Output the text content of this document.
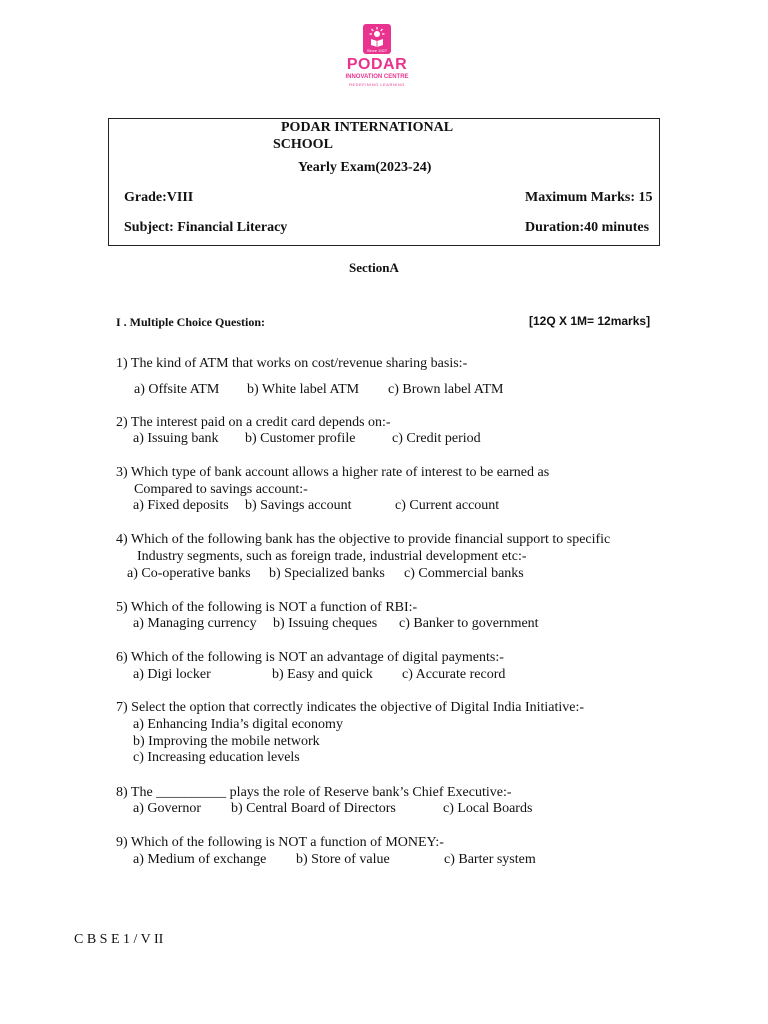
Since 1927
PODAR
INNOVATION CENTRE
REDEFINING LEARNING
PODAR INTERNATIONAL
SCHOOL
Yearly Exam(2023-24)
Grade:VIII	Maximum Marks: 15
Subject: Financial Literacy	Duration:40 minutes
SectionA
I . Multiple Choice Question:	[12Q X 1M= 12marks]
1) The kind of ATM that works on cost/revenue sharing basis:-
a) Offsite ATM b) White label ATM c) Brown label ATM
2) The interest paid on a credit card depends on:-
a) Issuing bank b) Customer profile	c) Credit period
3) Which type of bank account allows a higher rate of interest to be earned as
Compared to savings account:-
a) Fixed deposits b) Savings account	c) Current account
4) Which of the following bank has the objective to provide financial support to specific
Industry segments, such as foreign trade, industrial development etc:-
a) Co-operative banks b) Specialized banks c) Commercial banks
5) Which of the following is NOT a function of RBI:-
a) Managing currency b) Issuing cheques c) Banker to government
6) Which of the following is NOT an advantage of digital payments:-
a) Digi locker	b) Easy and quick c) Accurate record
7) Select the option that correctly indicates the objective of Digital India Initiative:-
a) Enhancing India’s digital economy
b) Improving the mobile network
c) Increasing education levels
8) The __________ plays the role of Reserve bank’s Chief Executive:-
a) Governor b) Central Board of Directors	c) Local Boards
9) Which of the following is NOT a function of MONEY:-
a) Medium of exchange b) Store of value	c) Barter system
C B S E 1 / V II
